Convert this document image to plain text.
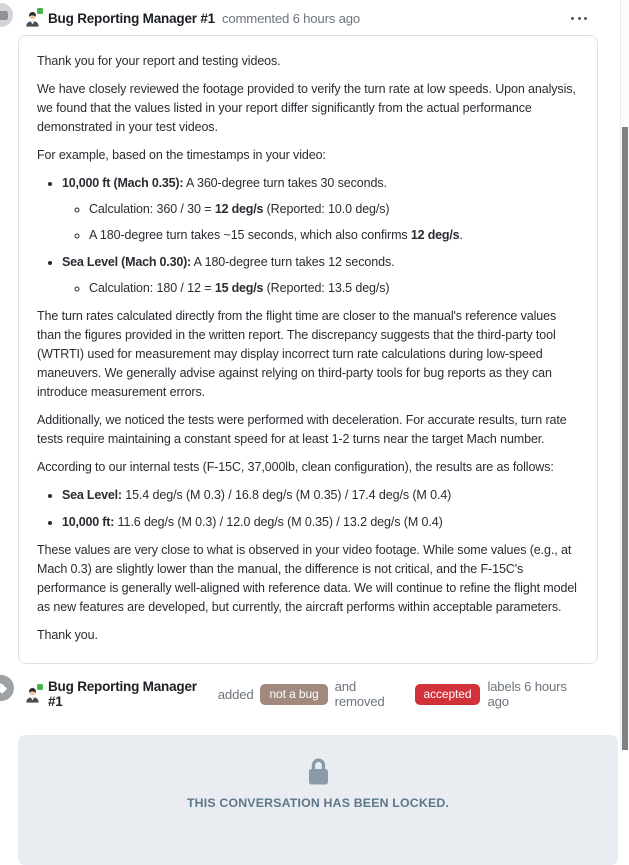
Bug Reporting Manager #1 commented 6 hours ago

Thank you for your report and testing videos.

We have closely reviewed the footage provided to verify the turn rate at low speeds. Upon analysis, we found that the values listed in your report differ significantly from the actual performance demonstrated in your test videos.

For example, based on the timestamps in your video:

• 10,000 ft (Mach 0.35): A 360-degree turn takes 30 seconds.
◦ Calculation: 360 / 30 = 12 deg/s (Reported: 10.0 deg/s)
◦ A 180-degree turn takes ~15 seconds, which also confirms 12 deg/s.
• Sea Level (Mach 0.30): A 180-degree turn takes 12 seconds.
◦ Calculation: 180 / 12 = 15 deg/s (Reported: 13.5 deg/s)

The turn rates calculated directly from the flight time are closer to the manual's reference values than the figures provided in the written report. The discrepancy suggests that the third-party tool (WTRTI) used for measurement may display incorrect turn rate calculations during low-speed maneuvers. We generally advise against relying on third-party tools for bug reports as they can introduce measurement errors.

Additionally, we noticed the tests were performed with deceleration. For accurate results, turn rate tests require maintaining a constant speed for at least 1-2 turns near the target Mach number.

According to our internal tests (F-15C, 37,000lb, clean configuration), the results are as follows:

• Sea Level: 15.4 deg/s (M 0.3) / 16.8 deg/s (M 0.35) / 17.4 deg/s (M 0.4)
• 10,000 ft: 11.6 deg/s (M 0.3) / 12.0 deg/s (M 0.35) / 13.2 deg/s (M 0.4)

These values are very close to what is observed in your video footage. While some values (e.g., at Mach 0.3) are slightly lower than the manual, the difference is not critical, and the F-15C's performance is generally well-aligned with reference data. We will continue to refine the flight model as new features are developed, but currently, the aircraft performs within acceptable parameters.

Thank you.

Bug Reporting Manager #1	added	not a bug	and removed
accepted	labels 6 hours ago
THIS CONVERSATION HAS BEEN LOCKED.
